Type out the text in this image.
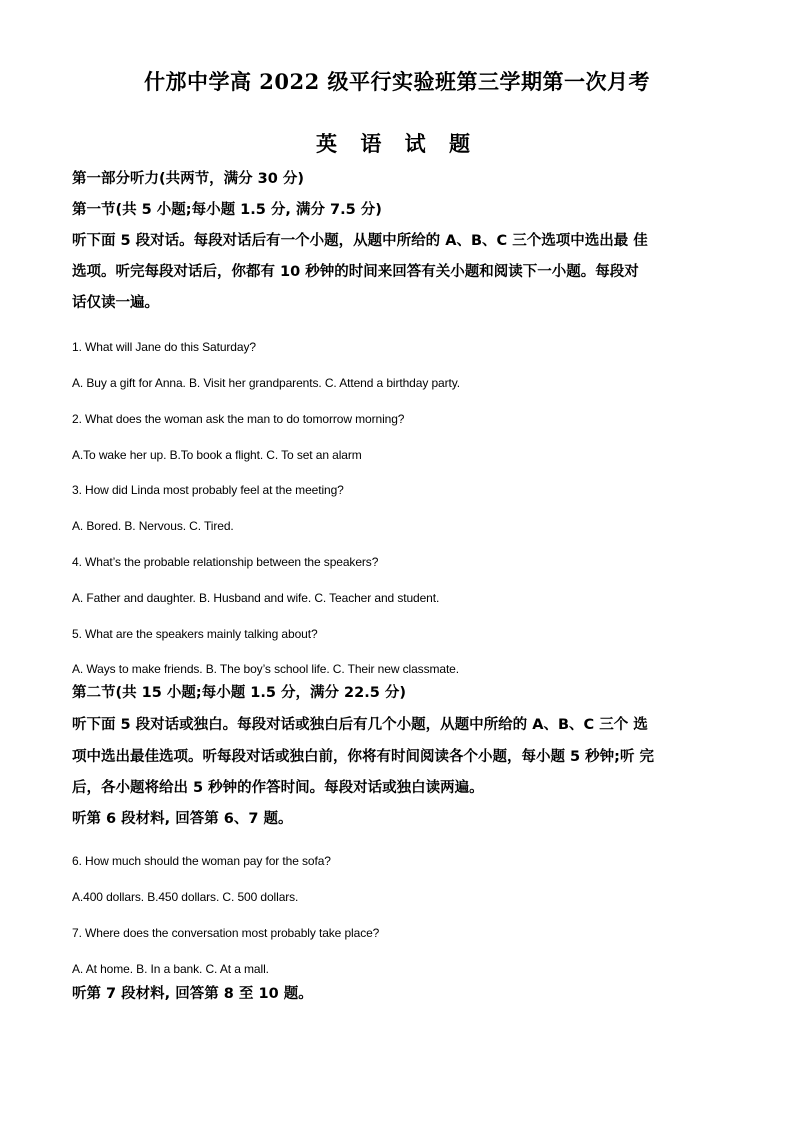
什邡中学高 2022 级平行实验班第三学期第一次月考
英 语 试 题
第一部分听力(共两节，满分 30 分)
第一节(共 5 小题;每小题 1.5 分, 满分 7.5 分)
听下面 5 段对话。每段对话后有一个小题，从题中所给的 A、B、C 三个选项中选出最 佳
选项。听完每段对话后，你都有 10 秒钟的时间来回答有关小题和阅读下一小题。每段对
话仅读一遍。
1. What will Jane do this Saturday?
A. Buy a gift for Anna. B. Visit her grandparents. C. Attend a birthday party.
2. What does the woman ask the man to do tomorrow morning?
A.To wake her up. B.To book a flight. C. To set an alarm
3. How did Linda most probably feel at the meeting?
A. Bored. B. Nervous. C. Tired.
4. What’s the probable relationship between the speakers?
A. Father and daughter. B. Husband and wife. C. Teacher and student.
5. What are the speakers mainly talking about?
A. Ways to make friends. B. The boy’s school life. C. Their new classmate.
第二节(共 15 小题;每小题 1.5 分，满分 22.5 分)
听下面 5 段对话或独白。每段对话或独白后有几个小题，从题中所给的 A、B、C 三个 选
项中选出最佳选项。听每段对话或独白前，你将有时间阅读各个小题，每小题 5 秒钟;听 完
后，各小题将给出 5 秒钟的作答时间。每段对话或独白读两遍。
听第 6 段材料, 回答第 6、7 题。
6. How much should the woman pay for the sofa?
A.400 dollars. B.450 dollars. C. 500 dollars.
7. Where does the conversation most probably take place?
A. At home. B. In a bank. C. At a mall.
听第 7 段材料, 回答第 8 至 10 题。
